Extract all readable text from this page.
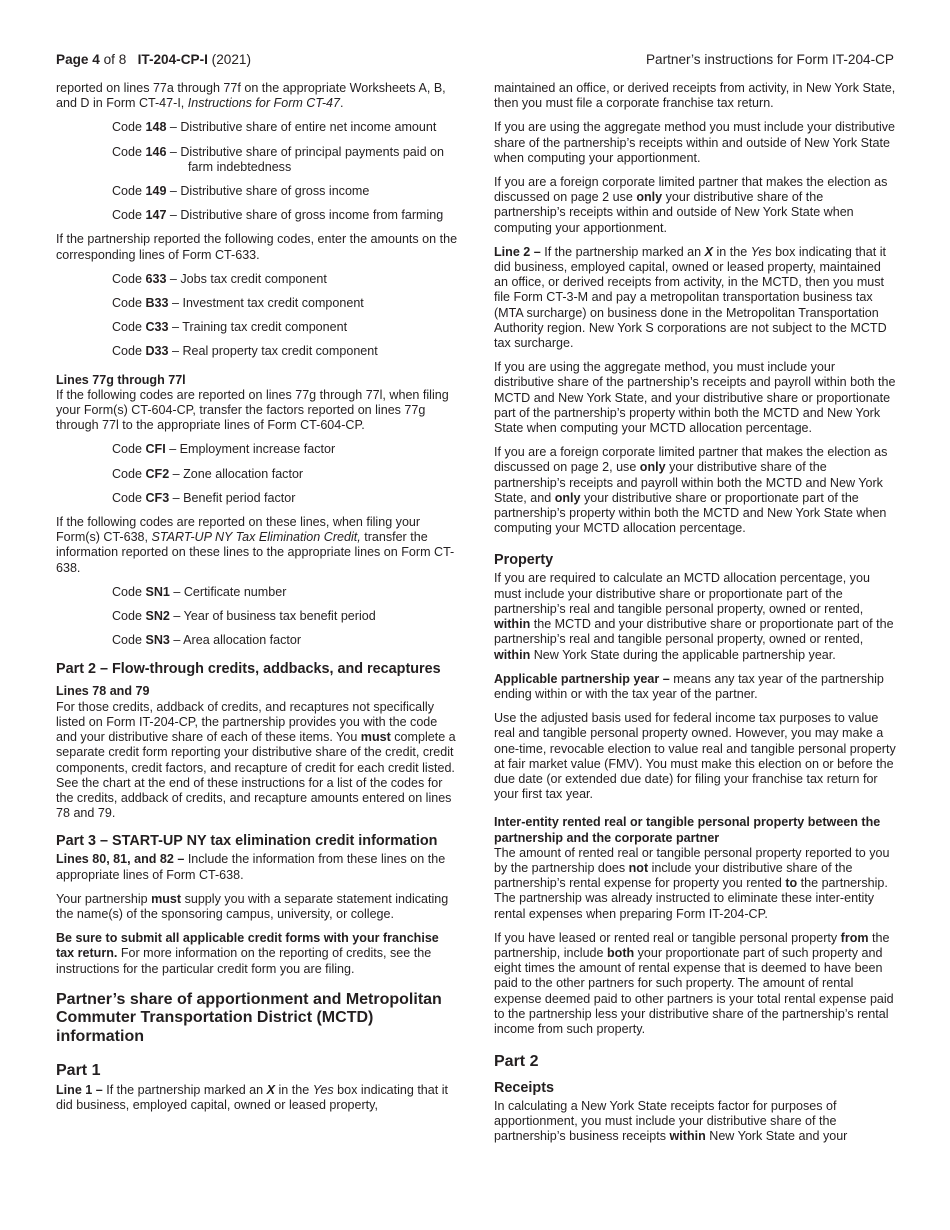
Page 4 of 8 IT-204-CP-I (2021)	Partner’s instructions for Form IT-204-CP

reported on lines 77a through 77f on the appropriate Worksheets A, B, and D in Form CT-47-I, Instructions for Form CT-47.

Code 148 – Distributive share of entire net income amount

Code 146 – Distributive share of principal payments paid on farm indebtedness

Code 149 – Distributive share of gross income

Code 147 – Distributive share of gross income from farming

If the partnership reported the following codes, enter the amounts on the corresponding lines of Form CT-633.

Code 633 – Jobs tax credit component

Code B33 – Investment tax credit component

Code C33 – Training tax credit component

Code D33 – Real property tax credit component

Lines 77g through 77l

If the following codes are reported on lines 77g through 77l, when filing your Form(s) CT-604-CP, transfer the factors reported on lines 77g through 77l to the appropriate lines of Form CT-604-CP.

Code CFI – Employment increase factor

Code CF2 – Zone allocation factor

Code CF3 – Benefit period factor

If the following codes are reported on these lines, when filing your Form(s) CT-638, START-UP NY Tax Elimination Credit, transfer the information reported on these lines to the appropriate lines on Form CT-638.

Code SN1 – Certificate number

Code SN2 – Year of business tax benefit period

Code SN3 – Area allocation factor

Part 2 – Flow-through credits, addbacks, and recaptures
Lines 78 and 79

For those credits, addback of credits, and recaptures not specifically listed on Form IT-204-CP, the partnership provides you with the code and your distributive share of each of these items. You must complete a separate credit form reporting your distributive share of the credit, credit components, credit factors, and recapture of credit for each credit listed. See the chart at the end of these instructions for a list of the codes for the credits, addback of credits, and recapture amounts entered on lines 78 and 79.

Part 3 – START-UP NY tax elimination credit information

Lines 80, 81, and 82 – Include the information from these lines on the appropriate lines of Form CT-638.

Your partnership must supply you with a separate statement indicating the name(s) of the sponsoring campus, university, or college.

Be sure to submit all applicable credit forms with your franchise tax return. For more information on the reporting of credits, see the instructions for the particular credit form you are filing.

Partner’s share of apportionment and Metropolitan Commuter Transportation District (MCTD) information
Part 1

Line 1 – If the partnership marked an X in the Yes box indicating that it did business, employed capital, owned or leased property,

maintained an office, or derived receipts from activity, in New York State, then you must file a corporate franchise tax return.

If you are using the aggregate method you must include your distributive share of the partnership’s receipts within and outside of New York State when computing your apportionment.

If you are a foreign corporate limited partner that makes the election as discussed on page 2 use only your distributive share of the partnership’s receipts within and outside of New York State when computing your apportionment.

Line 2 – If the partnership marked an X in the Yes box indicating that it did business, employed capital, owned or leased property, maintained an office, or derived receipts from activity, in the MCTD, then you must file Form CT-3-M and pay a metropolitan transportation business tax (MTA surcharge) on business done in the Metropolitan Transportation Authority region. New York S corporations are not subject to the MCTD tax surcharge.

If you are using the aggregate method, you must include your distributive share of the partnership’s receipts and payroll within both the MCTD and New York State, and your distributive share or proportionate part of the partnership’s property within both the MCTD and New York State when computing your MCTD allocation percentage.

If you are a foreign corporate limited partner that makes the election as discussed on page 2, use only your distributive share of the partnership’s receipts and payroll within both the MCTD and New York State, and only your distributive share or proportionate part of the partnership’s property within both the MCTD and New York State when computing your MCTD allocation percentage.

Property

If you are required to calculate an MCTD allocation percentage, you must include your distributive share or proportionate part of the partnership’s real and tangible personal property, owned or rented, within the MCTD and your distributive share or proportionate part of the partnership’s real and tangible personal property, owned or rented, within New York State during the applicable partnership year.

Applicable partnership year – means any tax year of the partnership ending within or with the tax year of the partner.

Use the adjusted basis used for federal income tax purposes to value real and tangible personal property owned. However, you may make a one-time, revocable election to value real and tangible personal property at fair market value (FMV). You must make this election on or before the due date (or extended due date) for filing your franchise tax return for your first tax year.

Inter-entity rented real or tangible personal property between the partnership and the corporate partner

The amount of rented real or tangible personal property reported to you by the partnership does not include your distributive share of the partnership’s rental expense for property you rented to the partnership. The partnership was already instructed to eliminate these inter-entity rental expenses when preparing Form IT-204-CP.

If you have leased or rented real or tangible personal property from the partnership, include both your proportionate part of such property and eight times the amount of rental expense that is deemed to have been paid to the other partners for such property. The amount of rental expense deemed paid to other partners is your total rental expense paid to the partnership less your distributive share of the partnership’s rental income from such property.

Part 2
Receipts

In calculating a New York State receipts factor for purposes of apportionment, you must include your distributive share of the partnership’s business receipts within New York State and your
